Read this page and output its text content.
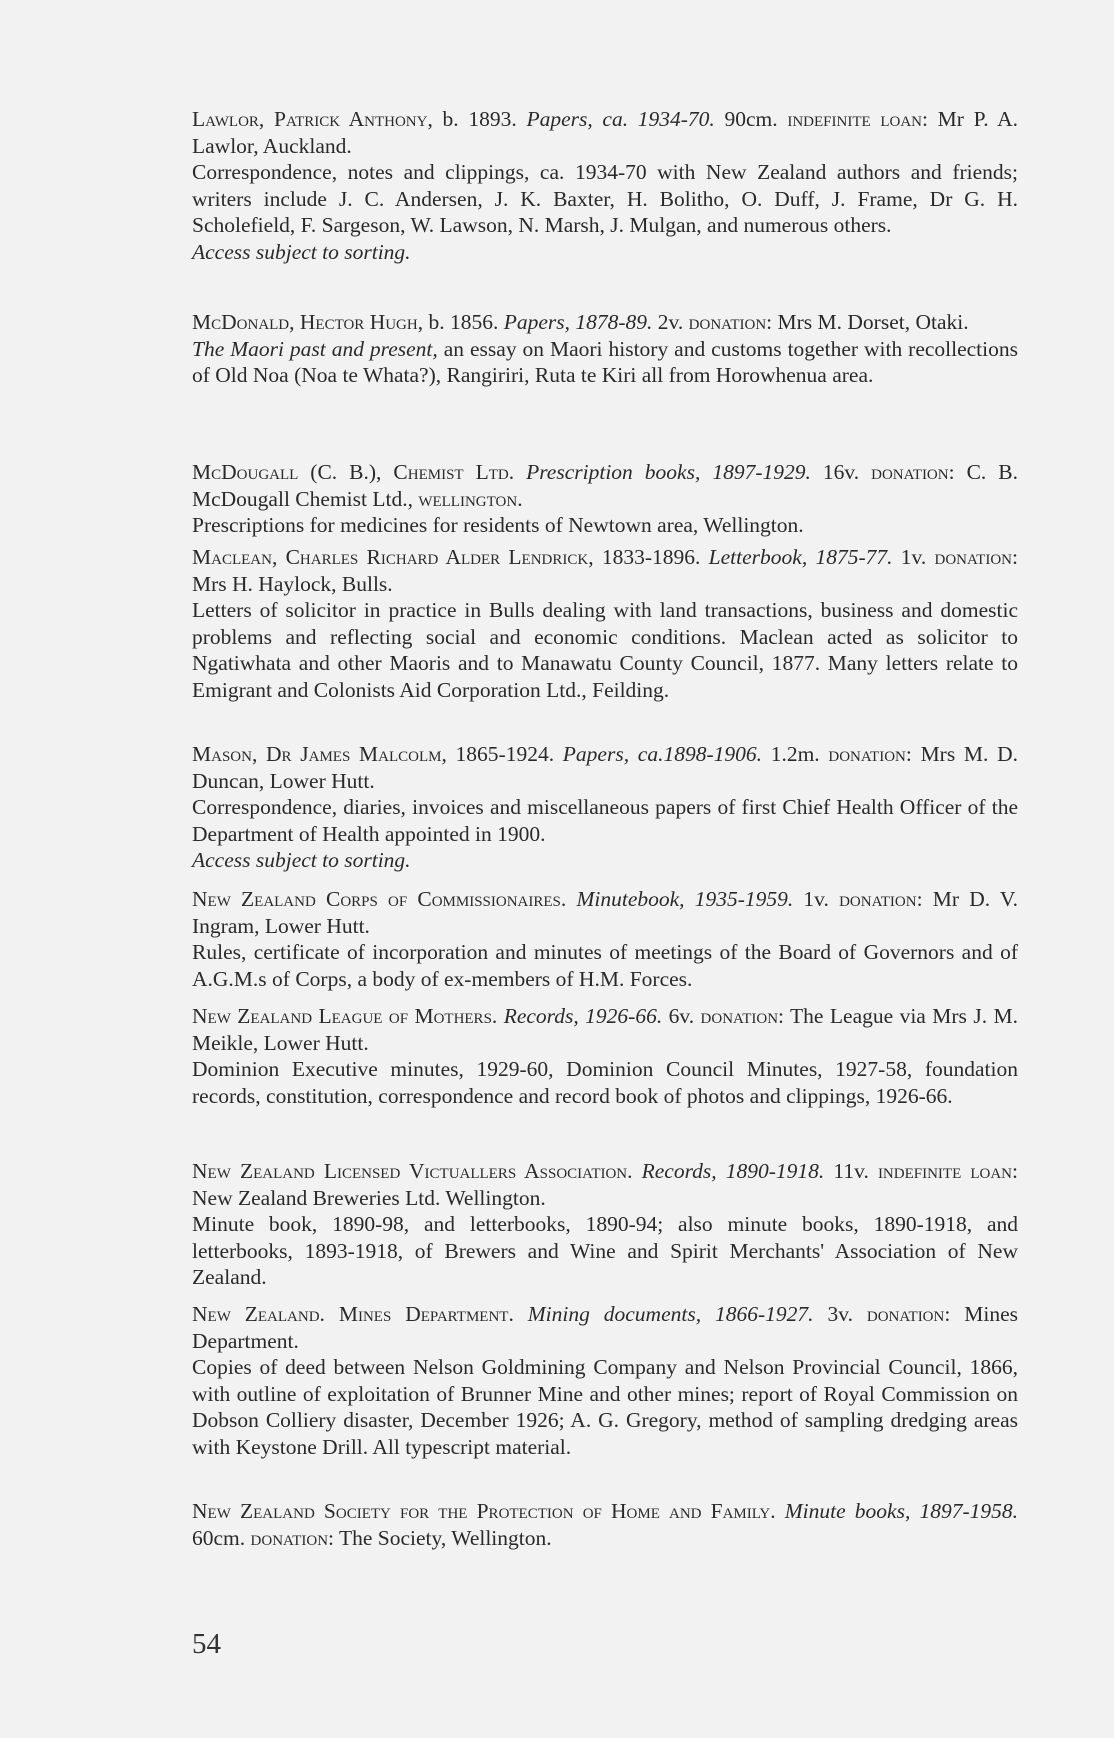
Lawlor, Patrick Anthony, b. 1893. Papers, ca. 1934-70. 90cm. indefinite loan: Mr P. A. Lawlor, Auckland.

Correspondence, notes and clippings, ca. 1934-70 with New Zealand authors and friends; writers include J. C. Andersen, J. K. Baxter, H. Bolitho, O. Duff, J. Frame, Dr G. H. Scholefield, F. Sargeson, W. Lawson, N. Marsh, J. Mulgan, and numerous others.

Access subject to sorting.

McDonald, Hector Hugh, b. 1856. Papers, 1878-89. 2v. donation: Mrs M. Dorset, Otaki.

The Maori past and present, an essay on Maori history and customs together with recollections of Old Noa (Noa te Whata?), Rangiriri, Ruta te Kiri all from Horowhenua area.

McDougall (C. B.), Chemist Ltd. Prescription books, 1897-1929. 16v. donation: C. B. McDougall Chemist Ltd., wellington.

Prescriptions for medicines for residents of Newtown area, Wellington.

Maclean, Charles Richard Alder Lendrick, 1833-1896. Letterbook, 1875-77. 1v. donation: Mrs H. Haylock, Bulls.

Letters of solicitor in practice in Bulls dealing with land transactions, business and domestic problems and reflecting social and economic conditions. Maclean acted as solicitor to Ngatiwhata and other Maoris and to Manawatu County Council, 1877. Many letters relate to Emigrant and Colonists Aid Corporation Ltd., Feilding.

Mason, Dr James Malcolm, 1865-1924. Papers, ca.1898-1906. 1.2m. donation: Mrs M. D. Duncan, Lower Hutt.

Correspondence, diaries, invoices and miscellaneous papers of first Chief Health Officer of the Department of Health appointed in 1900.

Access subject to sorting.

New Zealand Corps of Commissionaires. Minutebook, 1935-1959. 1v. donation: Mr D. V. Ingram, Lower Hutt.

Rules, certificate of incorporation and minutes of meetings of the Board of Governors and of A.G.M.s of Corps, a body of ex-members of H.M. Forces.

New Zealand League of Mothers. Records, 1926-66. 6v. donation: The League via Mrs J. M. Meikle, Lower Hutt.

Dominion Executive minutes, 1929-60, Dominion Council Minutes, 1927-58, foundation records, constitution, correspondence and record book of photos and clippings, 1926-66.

New Zealand Licensed Victuallers Association. Records, 1890-1918. 11v. indefinite loan: New Zealand Breweries Ltd. Wellington.

Minute book, 1890-98, and letterbooks, 1890-94; also minute books, 1890-1918, and letterbooks, 1893-1918, of Brewers and Wine and Spirit Merchants' Association of New Zealand.

New Zealand. Mines Department. Mining documents, 1866-1927. 3v. donation: Mines Department.

Copies of deed between Nelson Goldmining Company and Nelson Provincial Council, 1866, with outline of exploitation of Brunner Mine and other mines; report of Royal Commission on Dobson Colliery disaster, December 1926; A. G. Gregory, method of sampling dredging areas with Keystone Drill. All typescript material.

New Zealand Society for the Protection of Home and Family. Minute books, 1897-1958. 60cm. donation: The Society, Wellington.

54
